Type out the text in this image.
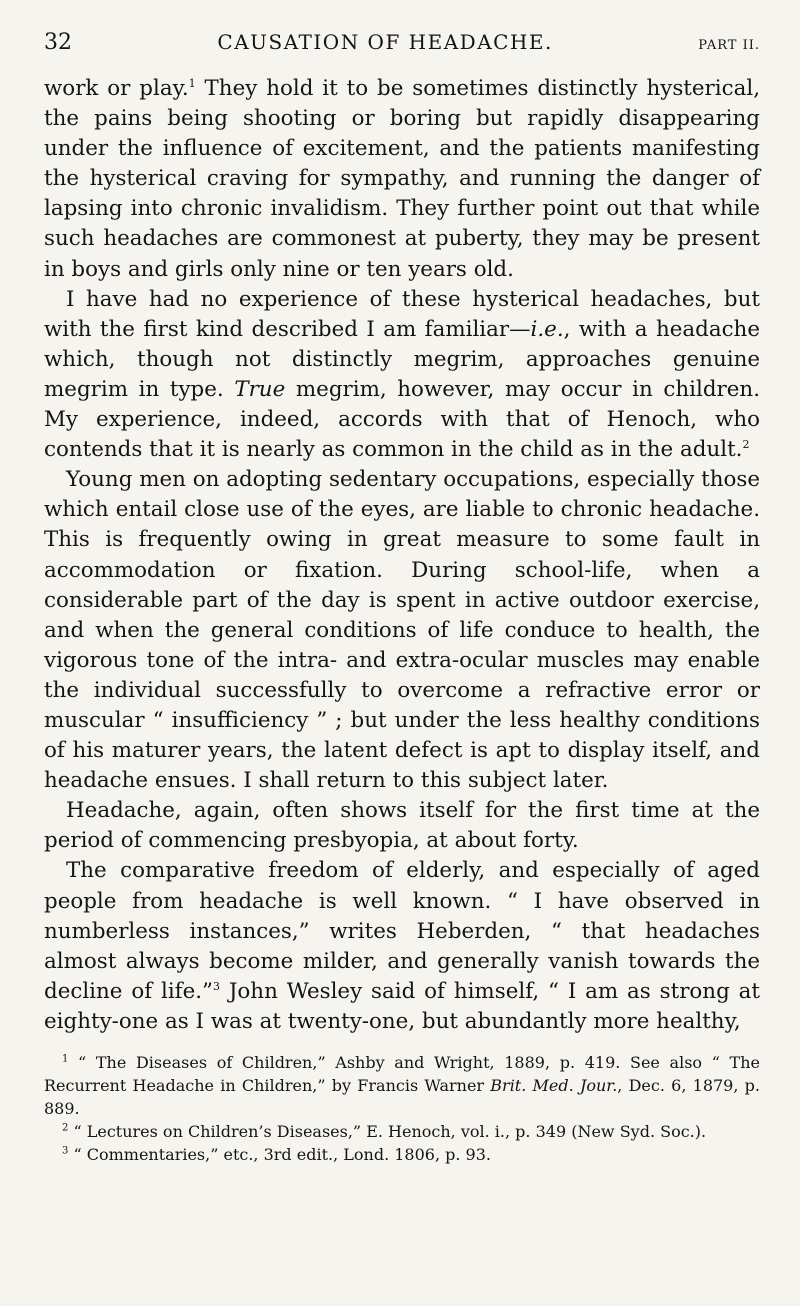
32	CAUSATION OF HEADACHE.	PART II.

work or play.$^1$ They hold it to be sometimes distinctly hysterical, the pains being shooting or boring but rapidly disappearing under the influence of excitement, and the patients manifesting the hysterical craving for sympathy, and running the danger of lapsing into chronic invalidism. They further point out that while such headaches are commonest at puberty, they may be present in boys and girls only nine or ten years old.

I have had no experience of these hysterical headaches, but with the first kind described I am familiar—i.e., with a headache which, though not distinctly megrim, approaches genuine megrim in type. True megrim, however, may occur in children. My experience, indeed, accords with that of Henoch, who contends that it is nearly as common in the child as in the adult.$^2$

Young men on adopting sedentary occupations, especially those which entail close use of the eyes, are liable to chronic headache. This is frequently owing in great measure to some fault in accommodation or fixation. During school-life, when a considerable part of the day is spent in active outdoor exercise, and when the general conditions of life conduce to health, the vigorous tone of the intra- and extra-ocular muscles may enable the individual successfully to overcome a refractive error or muscular “ insufficiency ” ; but under the less healthy conditions of his maturer years, the latent defect is apt to display itself, and headache ensues. I shall return to this subject later.

Headache, again, often shows itself for the first time at the period of commencing presbyopia, at about forty.

The comparative freedom of elderly, and especially of aged people from headache is well known. “ I have observed in numberless instances,” writes Heberden, “ that headaches almost always become milder, and generally vanish towards the decline of life.”$^3$ John Wesley said of himself, “ I am as strong at eighty-one as I was at twenty-one, but abundantly more healthy,

$^1$ “ The Diseases of Children,” Ashby and Wright, 1889, p. 419. See also “ The Recurrent Headache in Children,” by Francis Warner Brit. Med. Jour., Dec. 6, 1879, p. 889.

$^2$ “ Lectures on Children’s Diseases,” E. Henoch, vol. i., p. 349 (New Syd. Soc.).

$^3$ “ Commentaries,” etc., 3rd edit., Lond. 1806, p. 93.
